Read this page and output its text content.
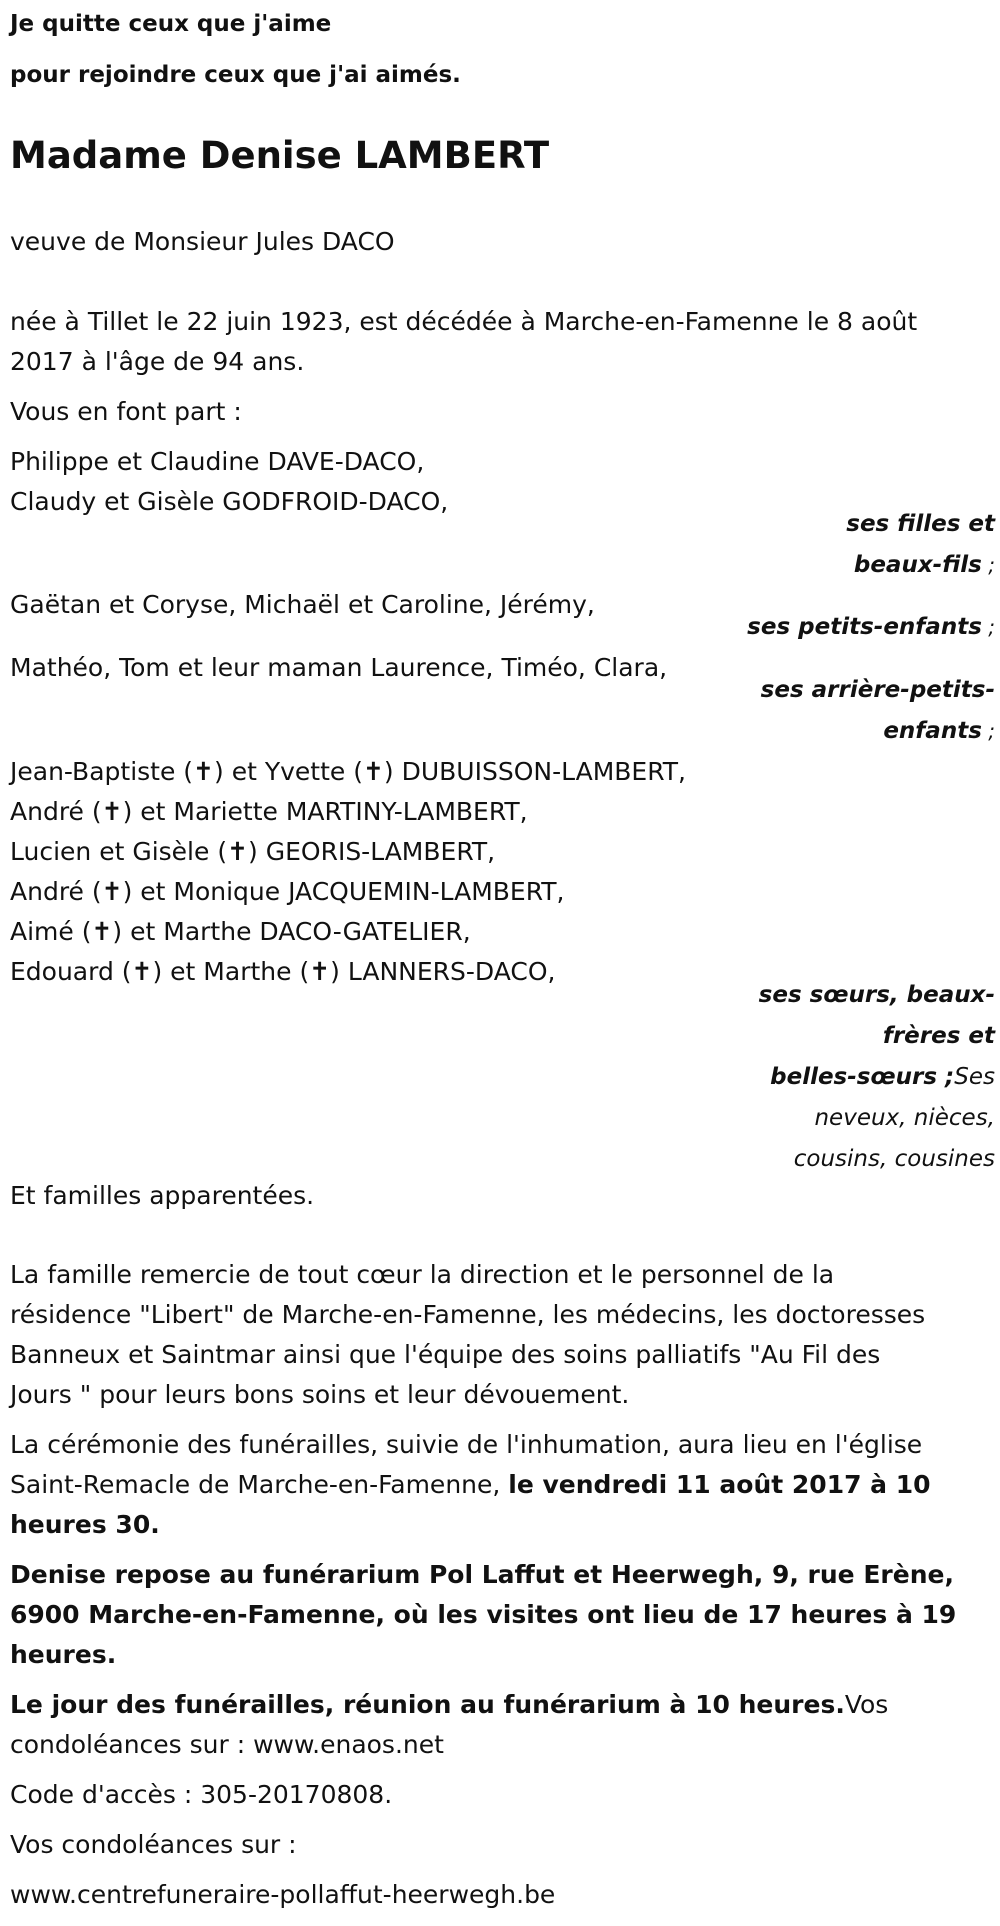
Je quitte ceux que j'aime

pour rejoindre ceux que j'ai aimés.

Madame Denise LAMBERT

veuve de Monsieur Jules DACO

née à Tillet le 22 juin 1923, est décédée à Marche-en-Famenne le 8 août

2017 à l'âge de 94 ans.

Vous en font part :

Philippe et Claudine DAVE-DACO,

Claudy et Gisèle GODFROID-DACO,

ses filles et
beaux-fils ;

Gaëtan et Coryse, Michaël et Caroline, Jérémy,

ses petits-enfants ;

Mathéo, Tom et leur maman Laurence, Timéo, Clara,

ses arrière-petits-
enfants ;

Jean-Baptiste (✝) et Yvette (✝) DUBUISSON-LAMBERT,

André (✝) et Mariette MARTINY-LAMBERT,

Lucien et Gisèle (✝) GEORIS-LAMBERT,

André (✝) et Monique JACQUEMIN-LAMBERT,

Aimé (✝) et Marthe DACO-GATELIER,

Edouard (✝) et Marthe (✝) LANNERS-DACO,

ses sœurs, beaux-
frères et
belles-sœurs ;Ses
neveux, nièces,
cousins, cousines

Et familles apparentées.

La famille remercie de tout cœur la direction et le personnel de la

résidence "Libert" de Marche-en-Famenne, les médecins, les doctoresses

Banneux et Saintmar ainsi que l'équipe des soins palliatifs "Au Fil des

Jours " pour leurs bons soins et leur dévouement.

La cérémonie des funérailles, suivie de l'inhumation, aura lieu en l'église

Saint-Remacle de Marche-en-Famenne, le vendredi 11 août 2017 à 10

heures 30.

Denise repose au funérarium Pol Laffut et Heerwegh, 9, rue Erène,

6900 Marche-en-Famenne, où les visites ont lieu de 17 heures à 19

heures.

Le jour des funérailles, réunion au funérarium à 10 heures.Vos

condoléances sur : www.enaos.net

Code d'accès : 305-20170808.

Vos condoléances sur :

www.centrefuneraire-pollaffut-heerwegh.be
